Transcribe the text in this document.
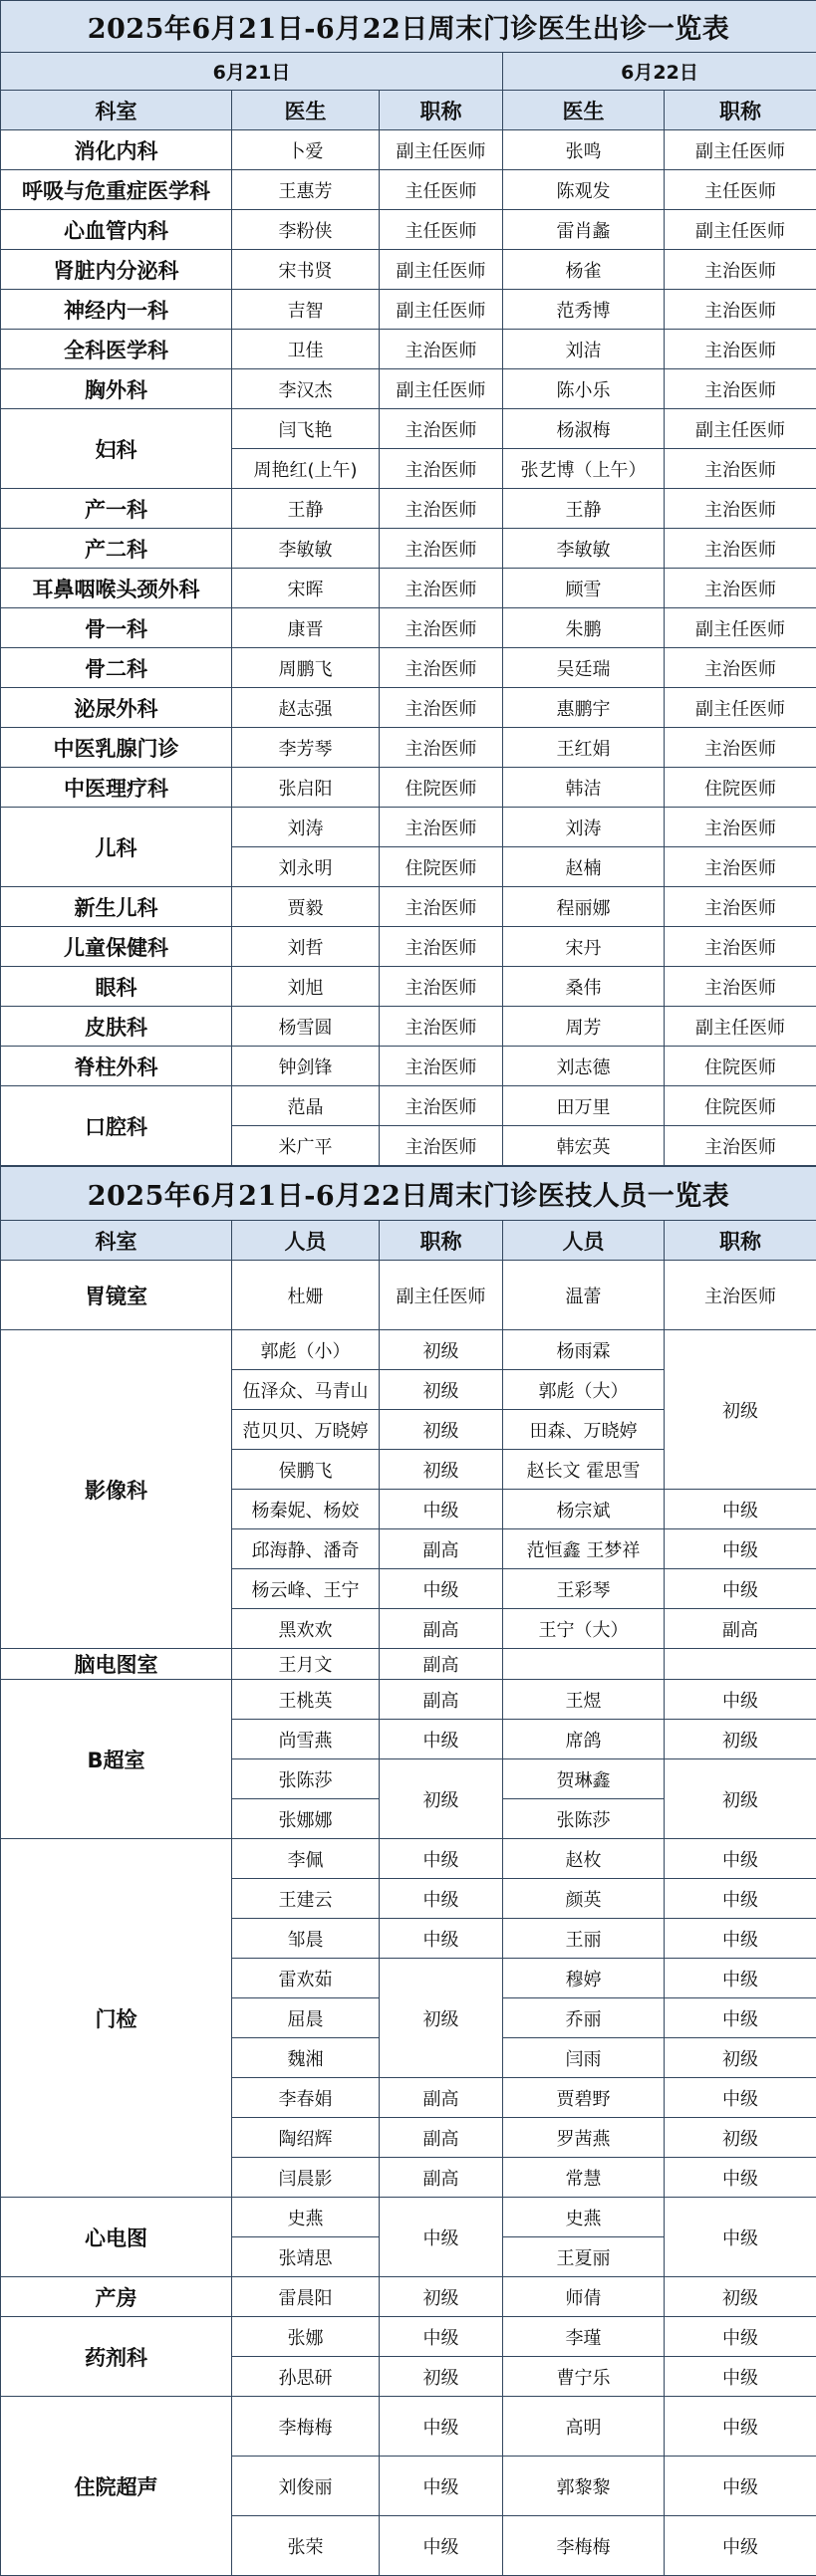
2025年6月21日-6月22日周末门诊医生出诊一览表				
6月21日			6月22日	
科室	医生	职称	医生	职称
消化内科	卜爱	副主任医师	张鸣	副主任医师
呼吸与危重症医学科	王惠芳	主任医师	陈观发	主任医师
心血管内科	李粉侠	主任医师	雷肖蠡	副主任医师
肾脏内分泌科	宋书贤	副主任医师	杨雀	主治医师
神经内一科	吉智	副主任医师	范秀博	主治医师
全科医学科	卫佳	主治医师	刘洁	主治医师
胸外科	李汉杰	副主任医师	陈小乐	主治医师
妇科	闫飞艳	主治医师	杨淑梅	副主任医师
	周艳红(上午)	主治医师	张艺博（上午）	主治医师
产一科	王静	主治医师	王静	主治医师
产二科	李敏敏	主治医师	李敏敏	主治医师
耳鼻咽喉头颈外科	宋晖	主治医师	顾雪	主治医师
骨一科	康晋	主治医师	朱鹏	副主任医师
骨二科	周鹏飞	主治医师	吴廷瑞	主治医师
泌尿外科	赵志强	主治医师	惠鹏宇	副主任医师
中医乳腺门诊	李芳琴	主治医师	王红娟	主治医师
中医理疗科	张启阳	住院医师	韩洁	住院医师
儿科	刘涛	主治医师	刘涛	主治医师
	刘永明	住院医师	赵楠	主治医师
新生儿科	贾毅	主治医师	程丽娜	主治医师
儿童保健科	刘哲	主治医师	宋丹	主治医师
眼科	刘旭	主治医师	桑伟	主治医师
皮肤科	杨雪圆	主治医师	周芳	副主任医师
脊柱外科	钟剑锋	主治医师	刘志德	住院医师
口腔科	范晶	主治医师	田万里	住院医师
	米广平	主治医师	韩宏英	主治医师
2025年6月21日-6月22日周末门诊医技人员一览表				
科室	人员	职称	人员	职称
胃镜室	杜姗	副主任医师	温蕾	主治医师
影像科	郭彪（小）	初级	杨雨霖	初级
	伍泽众、马青山	初级	郭彪（大）	
	范贝贝、万晓婷	初级	田森、万晓婷	
	侯鹏飞	初级	赵长文 霍思雪	
	杨秦妮、杨姣	中级	杨宗斌	中级
	邱海静、潘奇	副高	范恒鑫 王梦祥	中级
	杨云峰、王宁	中级	王彩琴	中级
	黑欢欢	副高	王宁（大）	副高
脑电图室	王月文	副高		
B超室	王桃英	副高	王煜	中级
	尚雪燕	中级	席鸽	初级
	张陈莎	初级	贺琳鑫	初级
	张娜娜		张陈莎	
门检	李佩	中级	赵枚	中级
	王建云	中级	颜英	中级
	邹晨	中级	王丽	中级
	雷欢茹	初级	穆婷	中级
	屈晨		乔丽	中级
	魏湘		闫雨	初级
	李春娟	副高	贾碧野	中级
	陶绍辉	副高	罗茜燕	初级
	闫晨影	副高	常慧	中级
心电图	史燕	中级	史燕	中级
	张靖思		王夏丽	
产房	雷晨阳	初级	师倩	初级
药剂科	张娜	中级	李瑾	中级
	孙思研	初级	曹宁乐	中级
住院超声	李梅梅	中级	高明	中级
	刘俊丽	中级	郭黎黎	中级
	张荣	中级	李梅梅	中级
